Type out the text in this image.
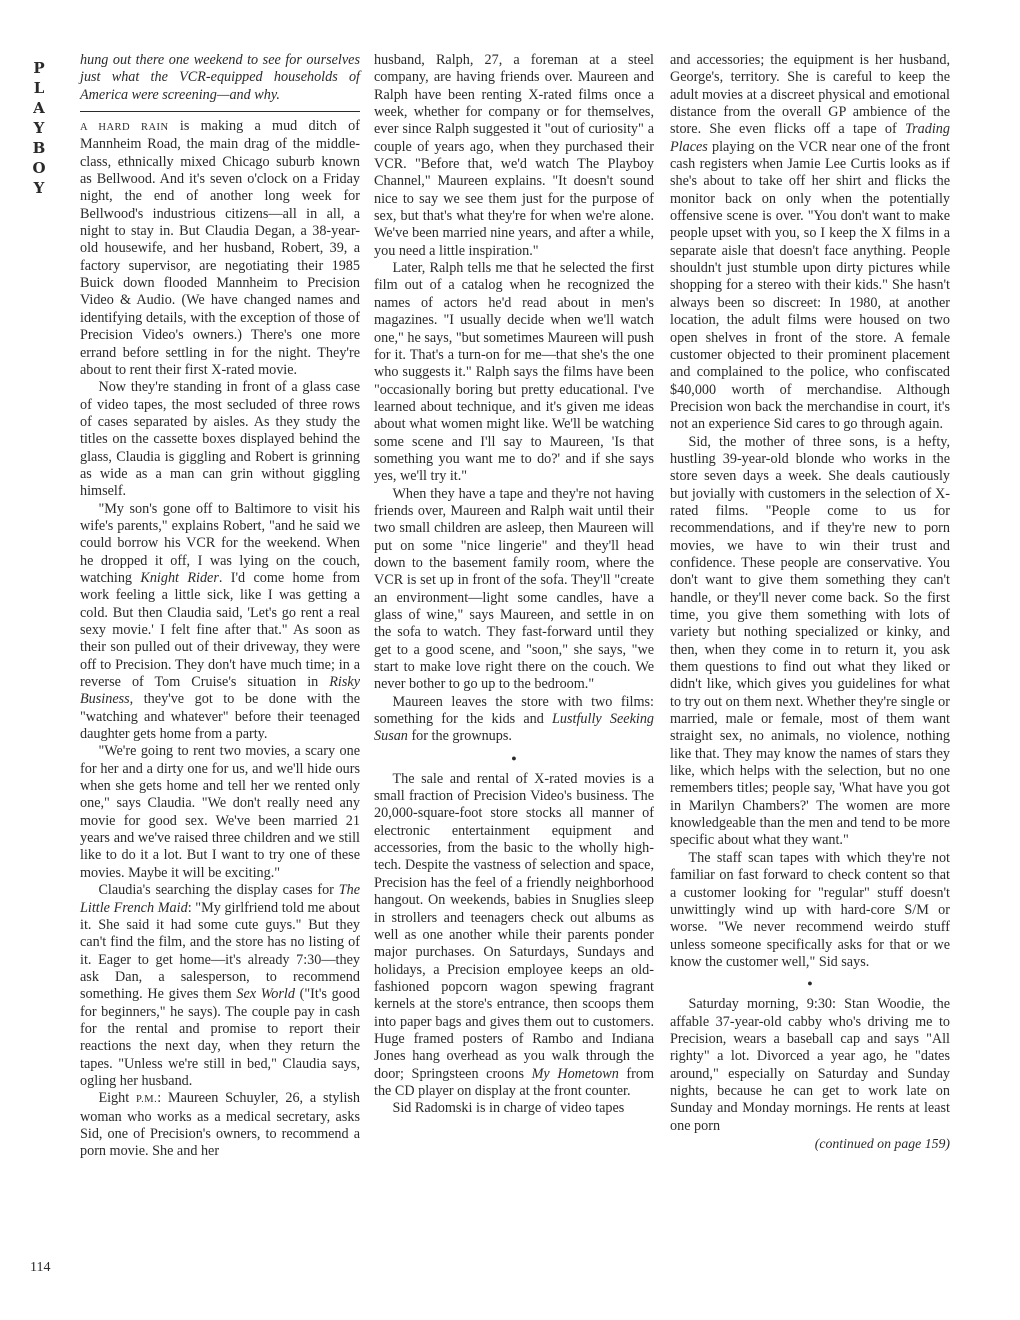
P
L
A
Y
B
O
Y
114

hung out there one weekend to see for ourselves just what the VCR-equipped households of America were screening—and why.

A HARD RAIN is making a mud ditch of Mannheim Road, the main drag of the middle-class, ethnically mixed Chicago suburb known as Bellwood. And it's seven o'clock on a Friday night, the end of another long week for Bellwood's industrious citizens—all in all, a night to stay in. But Claudia Degan, a 38-year-old housewife, and her husband, Robert, 39, a factory supervisor, are negotiating their 1985 Buick down flooded Mannheim to Precision Video & Audio. (We have changed names and identifying details, with the exception of those of Precision Video's owners.) There's one more errand before settling in for the night. They're about to rent their first X-rated movie.

Now they're standing in front of a glass case of video tapes, the most secluded of three rows of cases separated by aisles. As they study the titles on the cassette boxes displayed behind the glass, Claudia is giggling and Robert is grinning as wide as a man can grin without giggling himself.

"My son's gone off to Baltimore to visit his wife's parents," explains Robert, "and he said we could borrow his VCR for the weekend. When he dropped it off, I was lying on the couch, watching Knight Rider. I'd come home from work feeling a little sick, like I was getting a cold. But then Claudia said, 'Let's go rent a real sexy movie.' I felt fine after that." As soon as their son pulled out of their driveway, they were off to Precision. They don't have much time; in a reverse of Tom Cruise's situation in Risky Business, they've got to be done with the "watching and whatever" before their teenaged daughter gets home from a party.

"We're going to rent two movies, a scary one for her and a dirty one for us, and we'll hide ours when she gets home and tell her we rented only one," says Claudia. "We don't really need any movie for good sex. We've been married 21 years and we've raised three children and we still like to do it a lot. But I want to try one of these movies. Maybe it will be exciting."

Claudia's searching the display cases for The Little French Maid: "My girlfriend told me about it. She said it had some cute guys." But they can't find the film, and the store has no listing of it. Eager to get home—it's already 7:30—they ask Dan, a salesperson, to recommend something. He gives them Sex World ("It's good for beginners," he says). The couple pay in cash for the rental and promise to report their reactions the next day, when they return the tapes. "Unless we're still in bed," Claudia says, ogling her husband.

Eight P.M.: Maureen Schuyler, 26, a stylish woman who works as a medical secretary, asks Sid, one of Precision's owners, to recommend a porn movie. She and her

husband, Ralph, 27, a foreman at a steel company, are having friends over. Maureen and Ralph have been renting X-rated films once a week, whether for company or for themselves, ever since Ralph suggested it "out of curiosity" a couple of years ago, when they purchased their VCR. "Before that, we'd watch The Playboy Channel," Maureen explains. "It doesn't sound nice to say we see them just for the purpose of sex, but that's what they're for when we're alone. We've been married nine years, and after a while, you need a little inspiration."

Later, Ralph tells me that he selected the first film out of a catalog when he recognized the names of actors he'd read about in men's magazines. "I usually decide when we'll watch one," he says, "but sometimes Maureen will push for it. That's a turn-on for me—that she's the one who suggests it." Ralph says the films have been "occasionally boring but pretty educational. I've learned about technique, and it's given me ideas about what women might like. We'll be watching some scene and I'll say to Maureen, 'Is that something you want me to do?' and if she says yes, we'll try it."

When they have a tape and they're not having friends over, Maureen and Ralph wait until their two small children are asleep, then Maureen will put on some "nice lingerie" and they'll head down to the basement family room, where the VCR is set up in front of the sofa. They'll "create an environment—light some candles, have a glass of wine," says Maureen, and settle in on the sofa to watch. They fast-forward until they get to a good scene, and "soon," she says, "we start to make love right there on the couch. We never bother to go up to the bedroom."

Maureen leaves the store with two films: something for the kids and Lustfully Seeking Susan for the grownups.

●

The sale and rental of X-rated movies is a small fraction of Precision Video's business. The 20,000-square-foot store stocks all manner of electronic entertainment equipment and accessories, from the basic to the wholly high-tech. Despite the vastness of selection and space, Precision has the feel of a friendly neighborhood hangout. On weekends, babies in Snuglies sleep in strollers and teenagers check out albums as well as one another while their parents ponder major purchases. On Saturdays, Sundays and holidays, a Precision employee keeps an old-fashioned popcorn wagon spewing fragrant kernels at the store's entrance, then scoops them into paper bags and gives them out to customers. Huge framed posters of Rambo and Indiana Jones hang overhead as you walk through the door; Springsteen croons My Hometown from the CD player on display at the front counter.

Sid Radomski is in charge of video tapes

and accessories; the equipment is her husband, George's, territory. She is careful to keep the adult movies at a discreet physical and emotional distance from the overall GP ambience of the store. She even flicks off a tape of Trading Places playing on the VCR near one of the front cash registers when Jamie Lee Curtis looks as if she's about to take off her shirt and flicks the monitor back on only when the potentially offensive scene is over. "You don't want to make people upset with you, so I keep the X films in a separate aisle that doesn't face anything. People shouldn't just stumble upon dirty pictures while shopping for a stereo with their kids." She hasn't always been so discreet: In 1980, at another location, the adult films were housed on two open shelves in front of the store. A female customer objected to their prominent placement and complained to the police, who confiscated $40,000 worth of merchandise. Although Precision won back the merchandise in court, it's not an experience Sid cares to go through again.

Sid, the mother of three sons, is a hefty, hustling 39-year-old blonde who works in the store seven days a week. She deals cautiously but jovially with customers in the selection of X-rated films. "People come to us for recommendations, and if they're new to porn movies, we have to win their trust and confidence. These people are conservative. You don't want to give them something they can't handle, or they'll never come back. So the first time, you give them something with lots of variety but nothing specialized or kinky, and then, when they come in to return it, you ask them questions to find out what they liked or didn't like, which gives you guidelines for what to try out on them next. Whether they're single or married, male or female, most of them want straight sex, no animals, no violence, nothing like that. They may know the names of stars they like, which helps with the selection, but no one remembers titles; people say, 'What have you got in Marilyn Chambers?' The women are more knowledgeable than the men and tend to be more specific about what they want."

The staff scan tapes with which they're not familiar on fast forward to check content so that a customer looking for "regular" stuff doesn't unwittingly wind up with hard-core S/M or worse. "We never recommend weirdo stuff unless someone specifically asks for that or we know the customer well," Sid says.

●

Saturday morning, 9:30: Stan Woodie, the affable 37-year-old cabby who's driving me to Precision, wears a baseball cap and says "All righty" a lot. Divorced a year ago, he "dates around," especially on Saturday and Sunday nights, because he can get to work late on Sunday and Monday mornings. He rents at least one porn

(continued on page 159)
